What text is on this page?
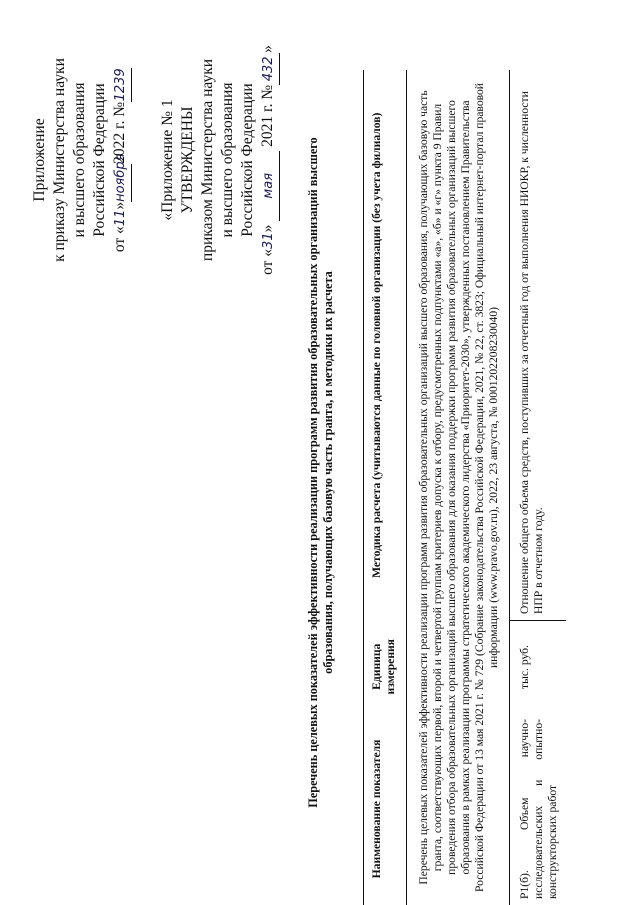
Приложение к приказу Министерства науки и высшего образования Российской Федерации
от «11»ноября2022 г. №1239
«Приложение № 1 УТВЕРЖДЕНЫ приказом Министерства науки и высшего образования Российской Федерации
от «31» мая 2021 г. №432»
Перечень целевых показателей эффективности реализации программ развития образовательных организаций высшего образования, получающих базовую часть гранта, и методики их расчета
Наименование показателя	Единица измерения	Методика расчета (учитываются данные по головной организации (без учета филиалов)
Перечень целевых показателей эффективности реализации программ развития образовательных организаций высшего образования, получающих базовую часть гранта, соответствующих первой, второй и четвертой группам критериев допуска к отбору, предусмотренных подпунктами «а», «б» и «г» пункта 9 Правил проведения отбора образовательных организаций высшего образования для оказания поддержки программ развития образовательных организаций высшего образования в рамках реализации программы стратегического академического лидерства «Приоритет-2030», утвержденных постановлением Правительства Российской Федерации от 13 мая 2021 г. № 729 (Собрание законодательства Российской Федерации, 2021, № 22, ст. 3823; Официальный интернет-портал правовой информации (www.pravo.gov.ru), 2022, 23 августа, № 0001202208230040)		
Р1(б). Объем научно-исследовательских и опытно-конструкторских работ	тыс. руб.	Отношение общего объема средств, поступивших за отчетный год от выполнения НИОКР, к численности НПР в отчетном году.
